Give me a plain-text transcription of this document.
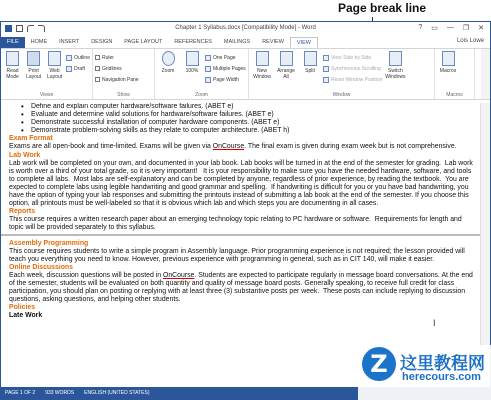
Page break line
Chapter 1 Syllabus.docx [Compatibility Mode] - Word	? ▭ — ❐ ✕
FILE	HOME	INSERT	DESIGN	PAGE LAYOUT	REFERENCES	MAILINGS	REVIEW	VIEW	Lois Lowe
Read Mode
Print Layout
Web Layout
Outline
Draft
Views
Ruler
Gridlines
Navigation Pane
Show
Zoom 100%
One Page
Multiple Pages
Page Width
Zoom
New Window
Arrange All
Split
View Side by Side
Synchronous Scrolling
Reset Window Position
Switch Windows
Window
Macros
Macros
• Define and explain computer hardware/software failures. (ABET e)
• Evaluate and determine valid solutions for hardware/software failures. (ABET e)
• Demonstrate successful installation of computer hardware components. (ABET e)
• Demonstrate problem-solving skills as they relate to computer architecture. (ABET h)
Exam Format
Exams are all open-book and time-limited. Exams will be given via OnCourse. The final exam is given during exam week but is not comprehensive.
Lab Work
Lab work will be completed on your own, and documented in your lab book. Lab books will be turned in at the end of the semester for grading.  Lab work is worth over a third of your total grade, so it is very important!   It is your responsibility to make sure you have the needed hardware, software, and tools to complete all labs.  Most labs are self-explanatory and can be completed by anyone, regardless of prior experience, by reading the textbook.  You are expected to complete labs using legible handwriting and good grammar and spelling.  If handwriting is difficult for you or you have bad handwriting, you have the option of typing your lab responses and submitting the printouts instead of submitting a lab book at the end of the semester. If you choose this option, all printouts must be well-labeled so that it is obvious which lab and which steps you are documenting in all cases.
Reports
This course requires a written research paper about an emerging technology topic relating to PC hardware or software.  Requirements for length and topic will be provided separately to this syllabus.
Assembly Programming
This course requires students to write a simple program in Assembly language. Prior programming experience is not required; the lesson provided will teach you everything you need to know. However, previous experience with programming in general, such as in CIT 140, will make it easier.
Online Discussions
Each week, discussion questions will be posted in OnCourse. Students are expected to participate regularly in message board conversations. At the end of the semester, students will be evaluated on both quantity and quality of message board posts. Generally speaking, to receive full credit for class participation, you should plan on posting or replying with at least three (3) substantive posts per week.  These posts can include replying to discussion questions, asking questions, and helping other students.
Policies
Late Work
I
PAGE 1 OF 2 933 WORDS ENGLISH (UNITED STATES)
Z 这里教程网
herecours.com
